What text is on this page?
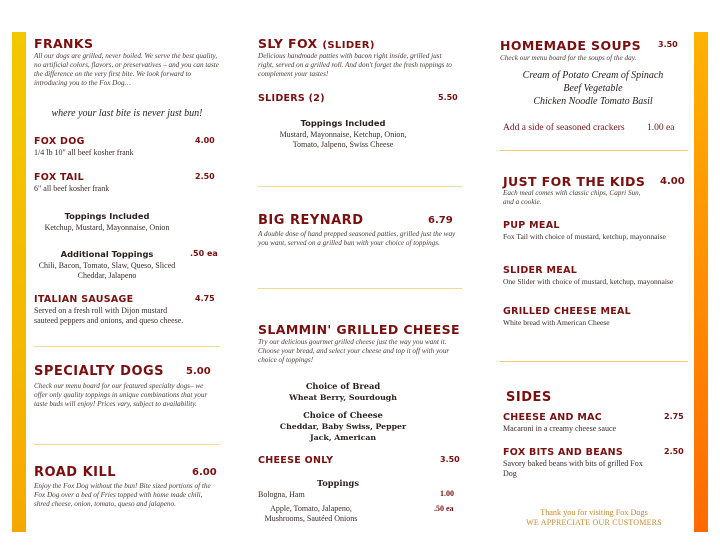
FRANKS
All our dogs are grilled, never boiled. We serve the best quality, no artificial colors, flavors, or preservatives – and you can taste the difference on the very first bite. We look forward to introducing you to the Fox Dog…
where your last bite is never just bun!
FOX DOG	4.00
1/4 lb 10" all beef kosher frank
FOX TAIL	2.50
6" all beef kosher frank
Toppings Included
Ketchup, Mustard, Mayonnaise, Onion
Additional Toppings	.50 ea
Chili, Bacon, Tomato, Slaw, Queso, Sliced Cheddar, Jalapeno
ITALIAN SAUSAGE	4.75
Served on a fresh roll with Dijon mustard sauteed peppers and onions, and queso cheese.
SPECIALTY DOGS 5.00
Check our menu board for our featured specialty dogs– we offer only quality toppings in unique combinations that your taste buds will enjoy! Prices vary, subject to availability.
ROAD KILL	6.00
Enjoy the Fox Dog without the bun! Bite sized portions of the Fox Dog over a bed of Fries topped with home made chili, shred cheese, onion, tomato, queso and jalapeno.
SLY FOX (SLIDER)
Delicious handmade patties with bacon right inside, grilled just right, served on a grilled roll. And don't forget the fresh toppings to complement your tastes!
SLIDERS (2)	5.50
Toppings Included
Mustard, Mayonnaise, Ketchup, Onion, Tomato, Jalpeno, Swiss Cheese
BIG REYNARD	6.79
A double dose of hand prepped seasoned patties, grilled just the way you want, served on a grilled bun with your choice of toppings.
SLAMMIN' GRILLED CHEESE
Try our delicious gourmet grilled cheese just the way you want it. Choose your bread, and select your cheese and top it off with your choice of toppings!
Choice of Bread
Wheat Berry, Sourdough
Choice of Cheese
Cheddar, Baby Swiss, Pepper Jack, American
CHEESE ONLY	3.50
Toppings
Bologna, Ham	1.00
Apple, Tomato, Jalapeno, Mushrooms, Sautéed Onions
.50 ea
HOMEMADE SOUPS 3.50
Check our menu board for the soups of the day.
Cream of Potato Cream of Spinach
Beef Vegetable
Chicken Noodle Tomato Basil
Add a side of seasoned crackers 1.00 ea
JUST FOR THE KIDS 4.00
Each meal comes with classic chips, Capri Sun, and a cookie.
PUP MEAL
Fox Tail with choice of mustard, ketchup, mayonnaise
SLIDER MEAL
One Slider with choice of mustard, ketchup, mayonnaise
GRILLED CHEESE MEAL
White bread with American Cheese
SIDES
CHEESE AND MAC	2.75
Macaroni in a creamy cheese sauce
FOX BITS AND BEANS	2.50
Savory baked beans with bits of grilled Fox Dog
Thank you for visiting Fox Dogs
WE APPRECIATE OUR CUSTOMERS
